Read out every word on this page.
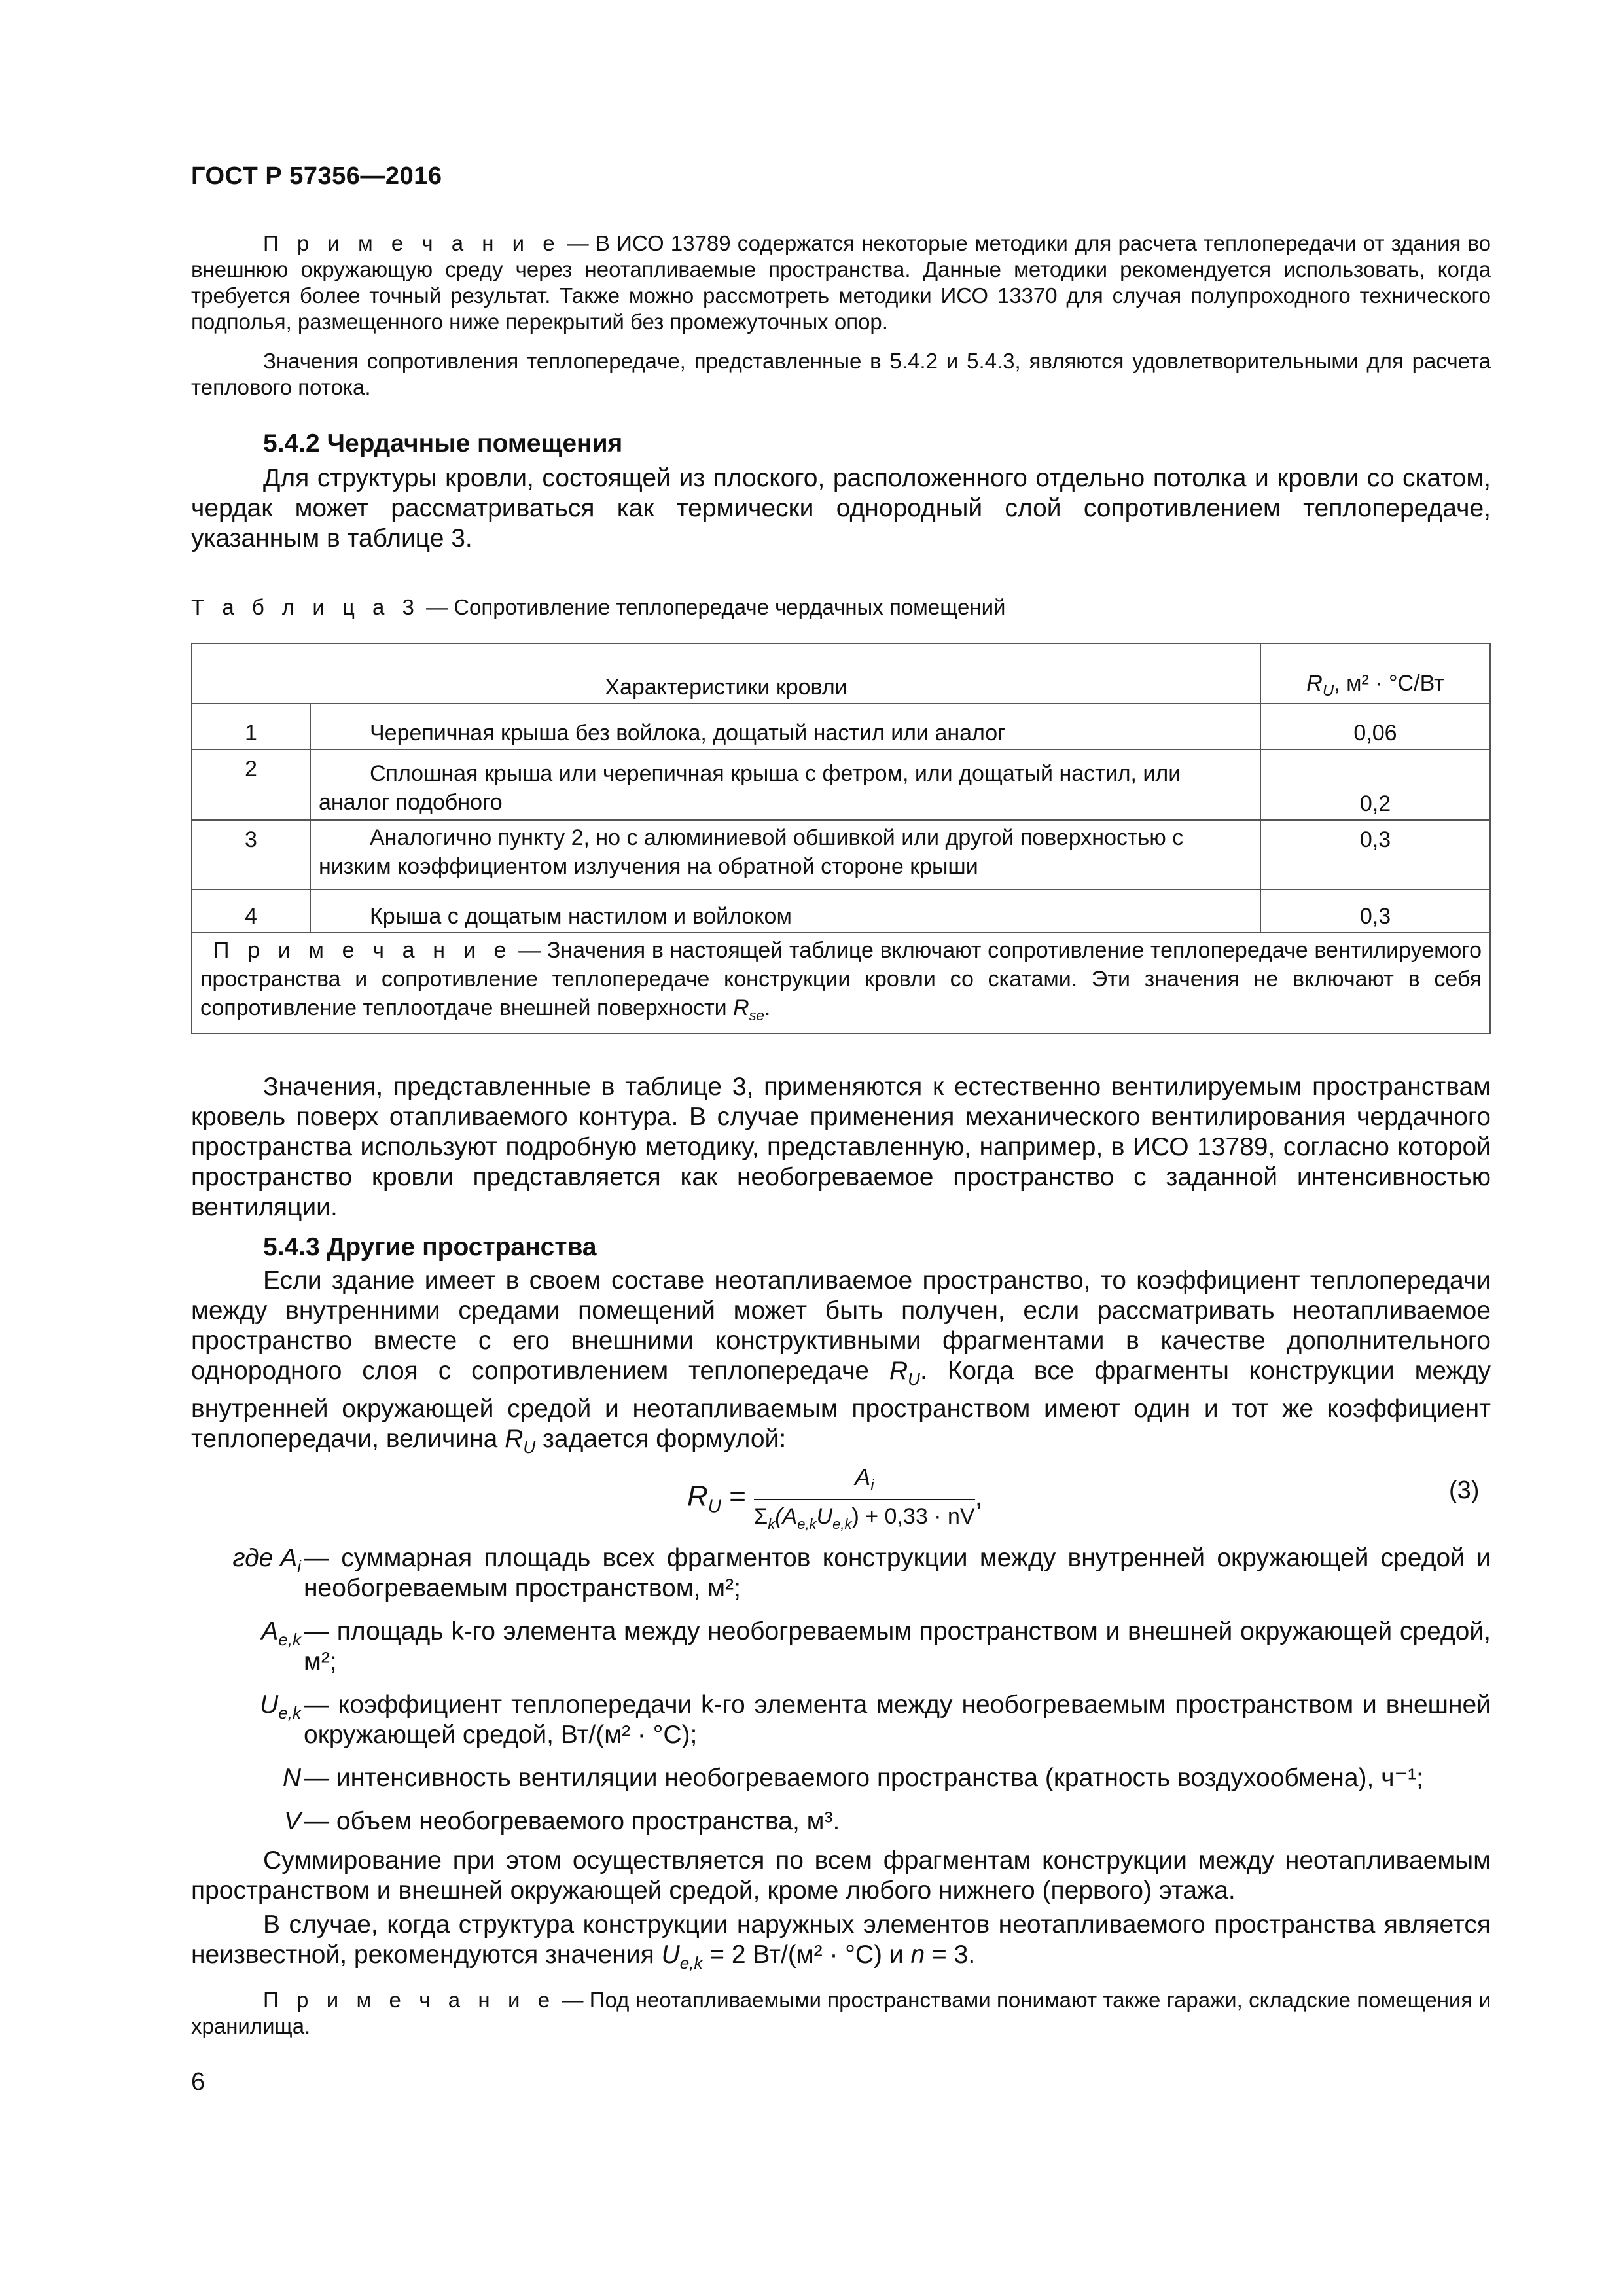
ГОСТ Р 57356—2016
П р и м е ч а н и е — В ИСО 13789 содержатся некоторые методики для расчета теплопередачи от здания во внешнюю окружающую среду через неотапливаемые пространства. Данные методики рекомендуется использовать, когда требуется более точный результат. Также можно рассмотреть методики ИСО 13370 для случая полупроходного технического подполья, размещенного ниже перекрытий без промежуточных опор.
Значения сопротивления теплопередаче, представленные в 5.4.2 и 5.4.3, являются удовлетворительными для расчета теплового потока.
5.4.2 Чердачные помещения
Для структуры кровли, состоящей из плоского, расположенного отдельно потолка и кровли со скатом, чердак может рассматриваться как термически однородный слой сопротивлением теплопередаче, указанным в таблице 3.
Т а б л и ц а 3 — Сопротивление теплопередаче чердачных помещений
Характеристики кровли		$R_U$, м² · °С/Вт
1	Черепичная крыша без войлока, дощатый настил или аналог	0,06
2	Сплошная крыша или черепичная крыша с фетром, или дощатый настил, или аналог подобного	0,2
3	Аналогично пункту 2, но с алюминиевой обшивкой или другой поверхностью с низким коэффициентом излучения на обратной стороне крыши	0,3
4	Крыша с дощатым настилом и войлоком	0,3
П р и м е ч а н и е — Значения в настоящей таблице включают сопротивление теплопередаче вентилируемого пространства и сопротивление теплопередаче конструкции кровли со скатами. Эти значения не включают в себя сопротивление теплоотдаче внешней поверхности $R_{se}$.		
Значения, представленные в таблице 3, применяются к естественно вентилируемым пространствам кровель поверх отапливаемого контура. В случае применения механического вентилирования чердачного пространства используют подробную методику, представленную, например, в ИСО 13789, согласно которой пространство кровли представляется как необогреваемое пространство с заданной интенсивностью вентиляции.
5.4.3 Другие пространства
Если здание имеет в своем составе неотапливаемое пространство, то коэффициент теплопередачи между внутренними средами помещений может быть получен, если рассматривать неотапливаемое пространство вместе с его внешними конструктивными фрагментами в качестве дополнительного однородного слоя с сопротивлением теплопередаче $R_U$. Когда все фрагменты конструкции между внутренней окружающей средой и неотапливаемым пространством имеют один и тот же коэффициент теплопередачи, величина $R_U$ задается формулой:
$R_U = \frac{A_i}{\Sigma_k(A_{e,k}U_{e,k}) + 0,33 \cdot nV}$ ,	(3)
где $A_i$ — суммарная площадь всех фрагментов конструкции между внутренней окружающей средой и необогреваемым пространством, м²;
$A_{e,k}$ — площадь k-го элемента между необогреваемым пространством и внешней окружающей средой, м²;
$U_{e,k}$ — коэффициент теплопередачи k-го элемента между необогреваемым пространством и внешней окружающей средой, Вт/(м² · °С);
N — интенсивность вентиляции необогреваемого пространства (кратность воздухообмена), ч⁻¹;
V — объем необогреваемого пространства, м³.
Суммирование при этом осуществляется по всем фрагментам конструкции между неотапливаемым пространством и внешней окружающей средой, кроме любого нижнего (первого) этажа.
В случае, когда структура конструкции наружных элементов неотапливаемого пространства является неизвестной, рекомендуются значения $U_{e,k} = 2$ Вт/(м² · °С) и n = 3.
П р и м е ч а н и е — Под неотапливаемыми пространствами понимают также гаражи, складские помещения и хранилища.
6
